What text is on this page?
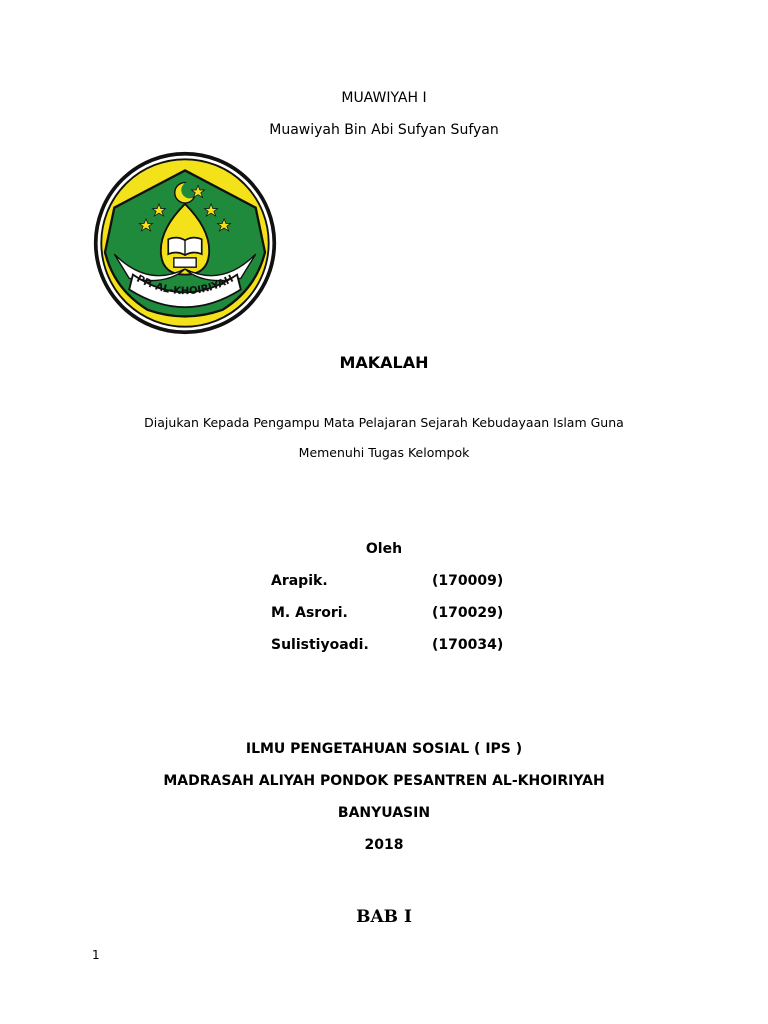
MUAWIYAH I
Muawiyah Bin Abi Sufyan Sufyan
PP. AL-KHOIRIYAH
MAKALAH
Diajukan Kepada Pengampu Mata Pelajaran Sejarah Kebudayaan Islam Guna
Memenuhi Tugas Kelompok
Oleh
Arapik.	(170009)
M. Asrori.	(170029)
Sulistiyoadi.	(170034)
ILMU PENGETAHUAN SOSIAL ( IPS )
MADRASAH ALIYAH PONDOK PESANTREN AL-KHOIRIYAH
BANYUASIN
2018
BAB I
1
